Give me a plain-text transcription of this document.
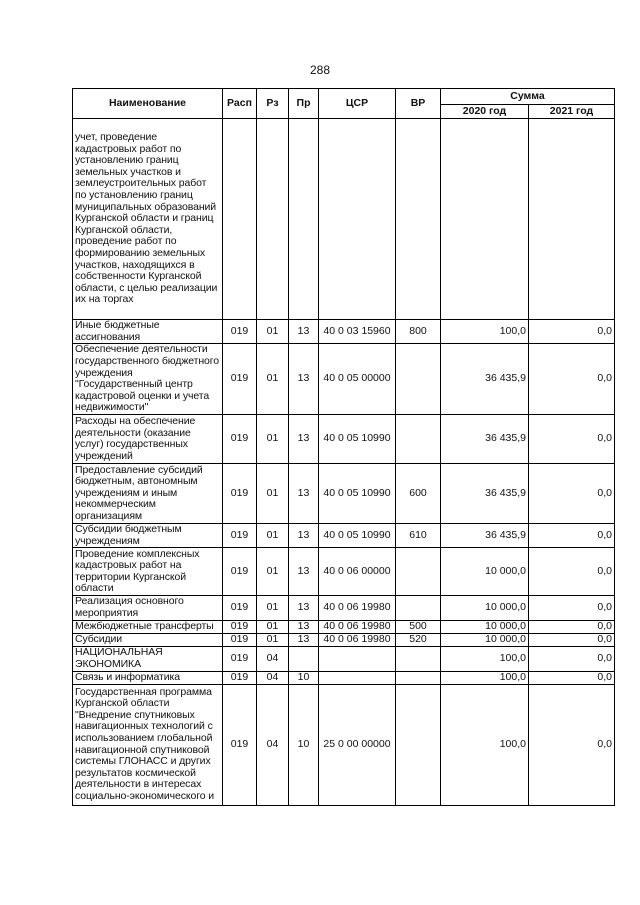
288
Наименование	Расп	Рз	Пр	ЦСР	ВР	Сумма	
						2020 год	2021 год
учет, проведение кадастровых работ по установлению границ земельных участков и землеустроительных работ по установлению границ муниципальных образований Курганской области и границ Курганской области, проведение работ по формированию земельных участков, находящихся в собственности Курганской области, с целью реализации их на торгах							
Иные бюджетные ассигнования	019	01	13	40 0 03 15960	800	100,0	0,0
Обеспечение деятельности государственного бюджетного учреждения "Государственный центр кадастровой оценки и учета недвижимости"	019	01	13	40 0 05 00000		36 435,9	0,0
Расходы на обеспечение деятельности (оказание услуг) государственных учреждений	019	01	13	40 0 05 10990		36 435,9	0,0
Предоставление субсидий бюджетным, автономным учреждениям и иным некоммерческим организациям	019	01	13	40 0 05 10990	600	36 435,9	0,0
Субсидии бюджетным учреждениям	019	01	13	40 0 05 10990	610	36 435,9	0,0
Проведение комплексных кадастровых работ на территории Курганской области	019	01	13	40 0 06 00000		10 000,0	0,0
Реализация основного мероприятия	019	01	13	40 0 06 19980		10 000,0	0,0
Межбюджетные трансферты	019	01	13	40 0 06 19980	500	10 000,0	0,0
Субсидии	019	01	13	40 0 06 19980	520	10 000,0	0,0
НАЦИОНАЛЬНАЯ ЭКОНОМИКА	019	04				100,0	0,0
Связь и информатика	019	04	10			100,0	0,0
Государственная программа Курганской области "Внедрение спутниковых навигационных технологий с использованием глобальной навигационной спутниковой системы ГЛОНАСС и других результатов космической деятельности в интересах социально-экономического и	019	04	10	25 0 00 00000		100,0	0,0
